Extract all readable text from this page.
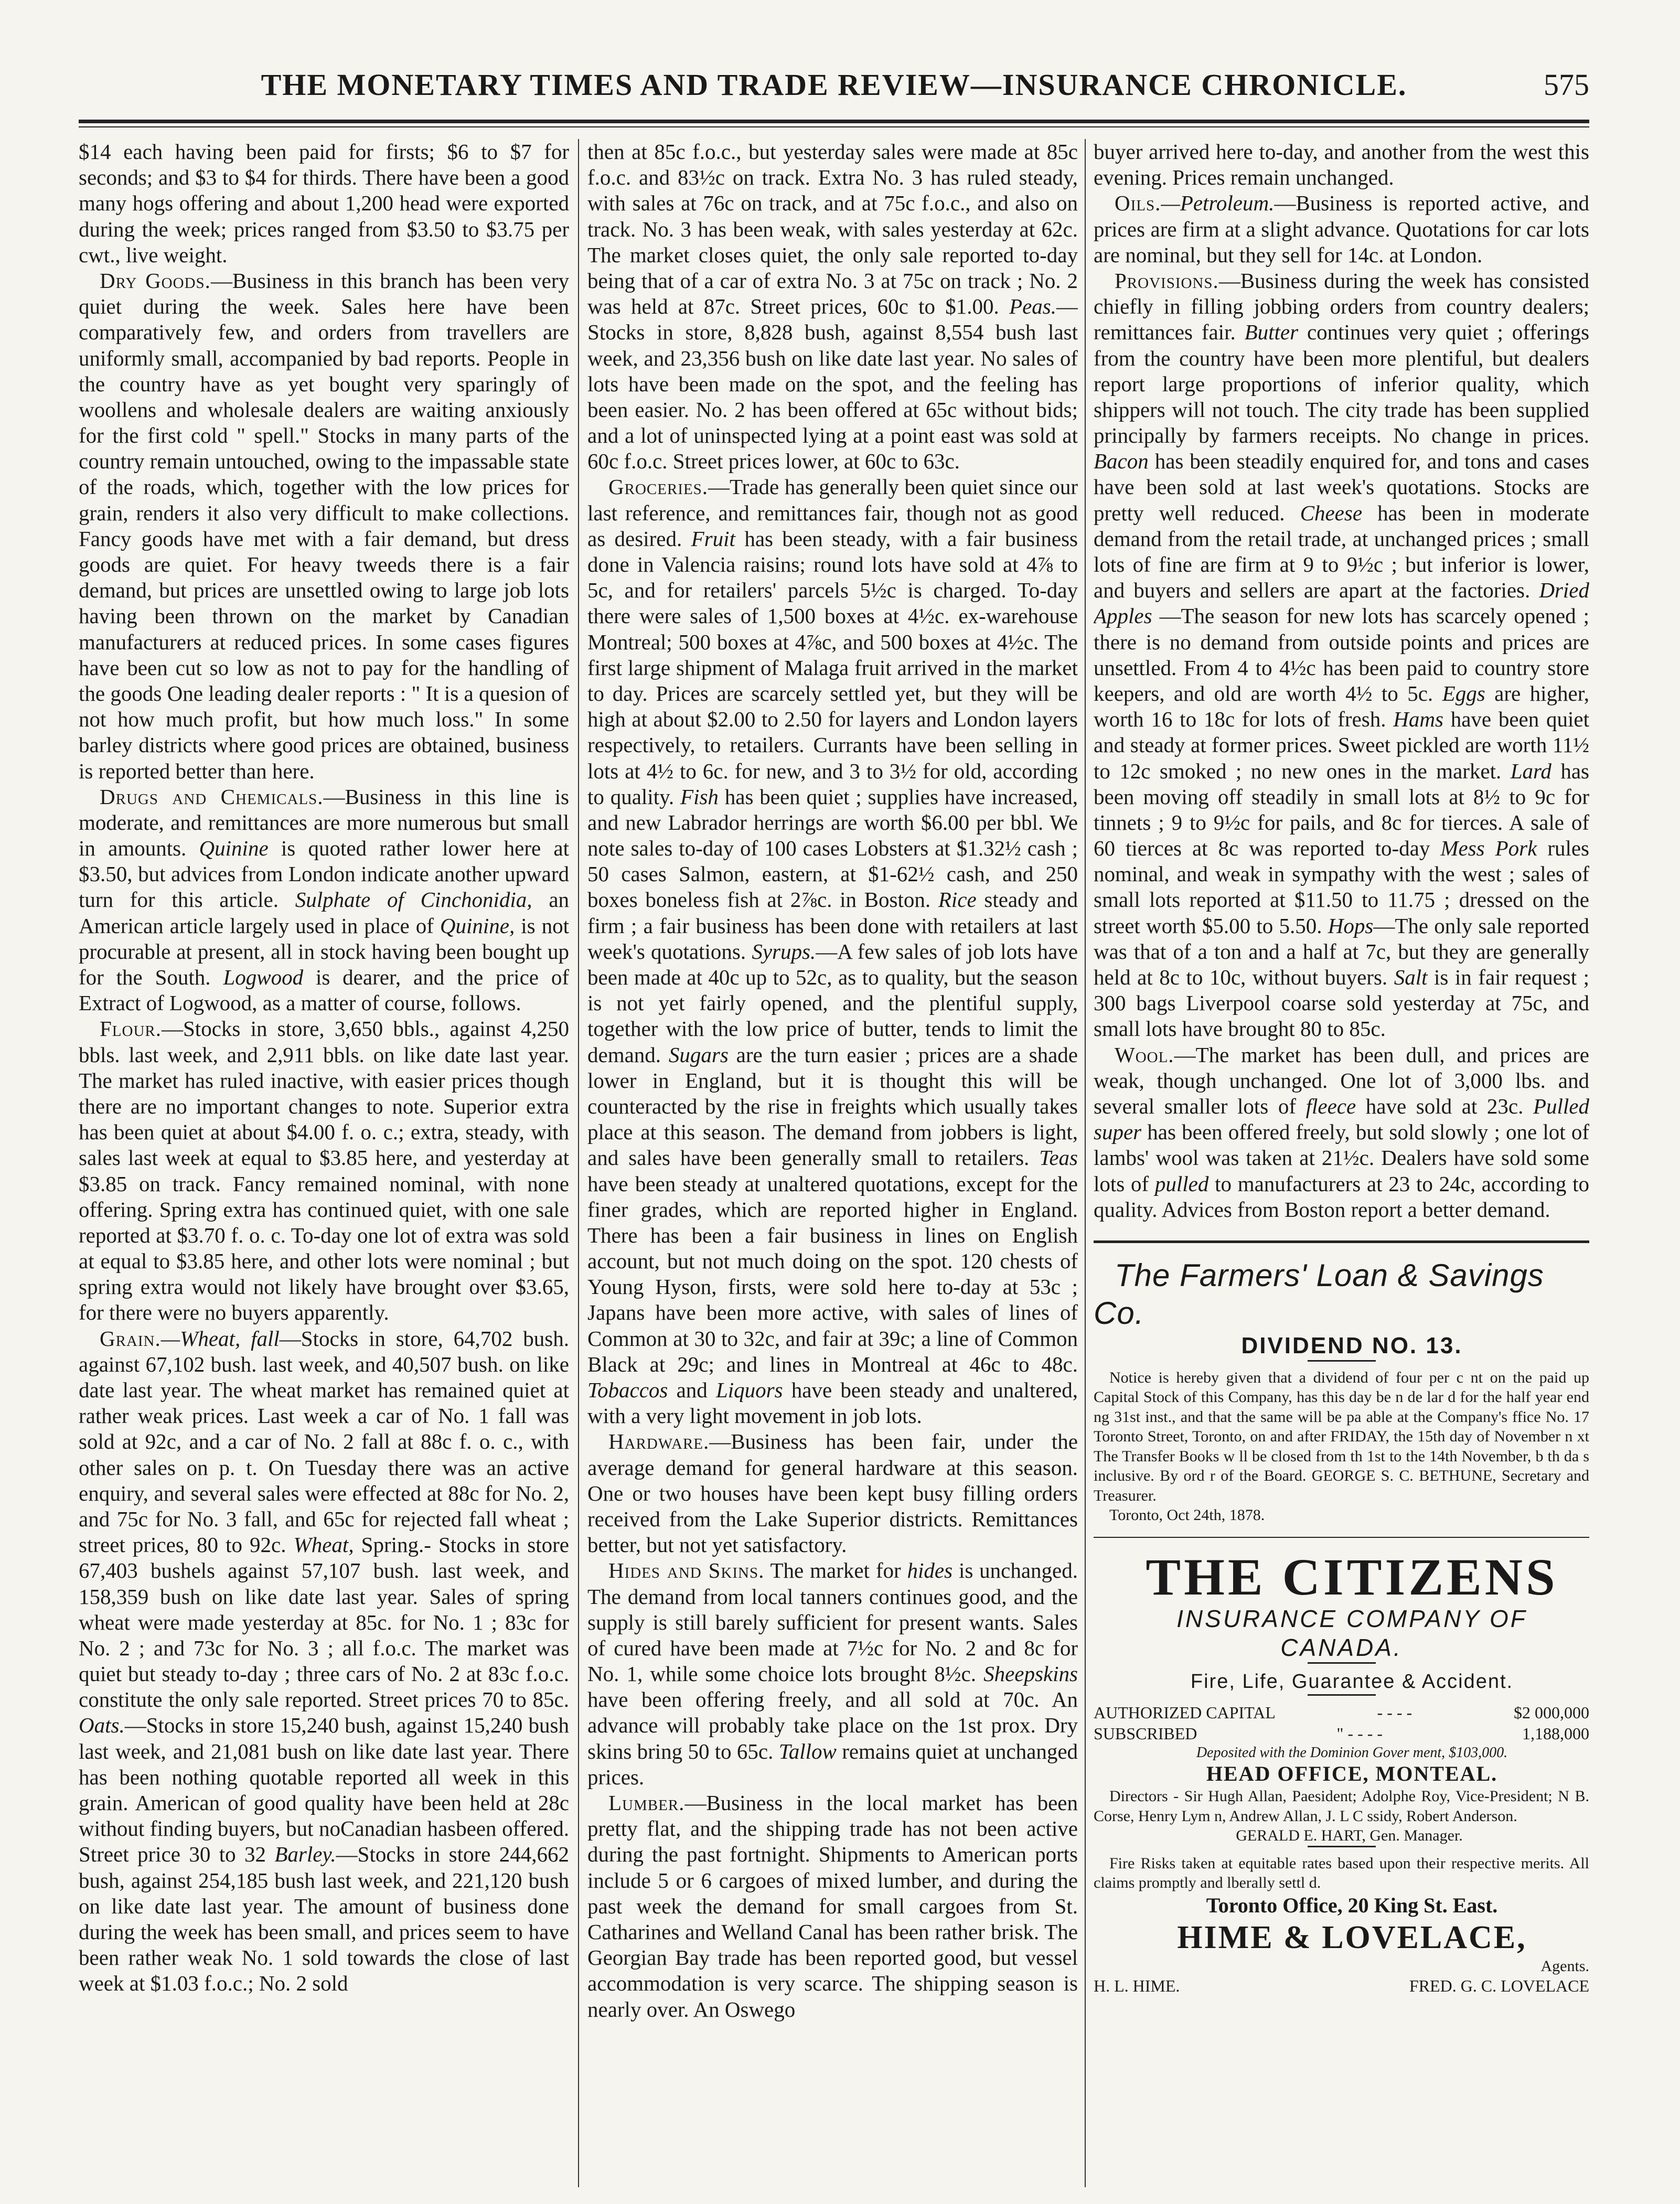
THE MONETARY TIMES AND TRADE REVIEW—INSURANCE CHRONICLE.	575

$14 each having been paid for firsts; $6 to $7 for seconds; and $3 to $4 for thirds. There have been a good many hogs offering and about 1,200 head were exported during the week; prices ranged from $3.50 to $3.75 per cwt., live weight.

Dry Goods.—Business in this branch has been very quiet during the week. Sales here have been comparatively few, and orders from travellers are uniformly small, accompanied by bad reports. People in the country have as yet bought very sparingly of woollens and wholesale dealers are waiting anxiously for the first cold " spell." Stocks in many parts of the country remain untouched, owing to the impassable state of the roads, which, together with the low prices for grain, renders it also very difficult to make collections. Fancy goods have met with a fair demand, but dress goods are quiet. For heavy tweeds there is a fair demand, but prices are unsettled owing to large job lots having been thrown on the market by Canadian manufacturers at reduced prices. In some cases figures have been cut so low as not to pay for the handling of the goods One leading dealer reports : " It is a quesion of not how much profit, but how much loss." In some barley districts where good prices are obtained, business is reported better than here.

Drugs and Chemicals.—Business in this line is moderate, and remittances are more numerous but small in amounts. Quinine is quoted rather lower here at $3.50, but advices from London indicate another upward turn for this article. Sulphate of Cinchonidia, an American article largely used in place of Quinine, is not procurable at present, all in stock having been bought up for the South. Logwood is dearer, and the price of Extract of Logwood, as a matter of course, follows.

Flour.—Stocks in store, 3,650 bbls., against 4,250 bbls. last week, and 2,911 bbls. on like date last year. The market has ruled inactive, with easier prices though there are no important changes to note. Superior extra has been quiet at about $4.00 f. o. c.; extra, steady, with sales last week at equal to $3.85 here, and yesterday at $3.85 on track. Fancy remained nominal, with none offering. Spring extra has continued quiet, with one sale reported at $3.70 f. o. c. To-day one lot of extra was sold at equal to $3.85 here, and other lots were nominal ; but spring extra would not likely have brought over $3.65, for there were no buyers apparently.

Grain.—Wheat, fall—Stocks in store, 64,702 bush. against 67,102 bush. last week, and 40,507 bush. on like date last year. The wheat market has remained quiet at rather weak prices. Last week a car of No. 1 fall was sold at 92c, and a car of No. 2 fall at 88c f. o. c., with other sales on p. t. On Tuesday there was an active enquiry, and several sales were effected at 88c for No. 2, and 75c for No. 3 fall, and 65c for rejected fall wheat ; street prices, 80 to 92c. Wheat, Spring.- Stocks in store 67,403 bushels against 57,107 bush. last week, and 158,359 bush on like date last year. Sales of spring wheat were made yesterday at 85c. for No. 1 ; 83c for No. 2 ; and 73c for No. 3 ; all f.o.c. The market was quiet but steady to-day ; three cars of No. 2 at 83c f.o.c. constitute the only sale reported. Street prices 70 to 85c. Oats.—Stocks in store 15,240 bush, against 15,240 bush last week, and 21,081 bush on like date last year. There has been nothing quotable reported all week in this grain. American of good quality have been held at 28c without finding buyers, but noCanadian hasbeen offered. Street price 30 to 32 Barley.—Stocks in store 244,662 bush, against 254,185 bush last week, and 221,120 bush on like date last year. The amount of business done during the week has been small, and prices seem to have been rather weak No. 1 sold towards the close of last week at $1.03 f.o.c.; No. 2 sold

then at 85c f.o.c., but yesterday sales were made at 85c f.o.c. and 83½c on track. Extra No. 3 has ruled steady, with sales at 76c on track, and at 75c f.o.c., and also on track. No. 3 has been weak, with sales yesterday at 62c. The market closes quiet, the only sale reported to-day being that of a car of extra No. 3 at 75c on track ; No. 2 was held at 87c. Street prices, 60c to $1.00. Peas.—Stocks in store, 8,828 bush, against 8,554 bush last week, and 23,356 bush on like date last year. No sales of lots have been made on the spot, and the feeling has been easier. No. 2 has been offered at 65c without bids; and a lot of uninspected lying at a point east was sold at 60c f.o.c. Street prices lower, at 60c to 63c.

Groceries.—Trade has generally been quiet since our last reference, and remittances fair, though not as good as desired. Fruit has been steady, with a fair business done in Valencia raisins; round lots have sold at 4⅞ to 5c, and for retailers' parcels 5½c is charged. To-day there were sales of 1,500 boxes at 4½c. ex-warehouse Montreal; 500 boxes at 4⅞c, and 500 boxes at 4½c. The first large shipment of Malaga fruit arrived in the market to day. Prices are scarcely settled yet, but they will be high at about $2.00 to 2.50 for layers and London layers respectively, to retailers. Currants have been selling in lots at 4½ to 6c. for new, and 3 to 3½ for old, according to quality. Fish has been quiet ; supplies have increased, and new Labrador herrings are worth $6.00 per bbl. We note sales to-day of 100 cases Lobsters at $1.32½ cash ; 50 cases Salmon, eastern, at $1-62½ cash, and 250 boxes boneless fish at 2⅞c. in Boston. Rice steady and firm ; a fair business has been done with retailers at last week's quotations. Syrups.—A few sales of job lots have been made at 40c up to 52c, as to quality, but the season is not yet fairly opened, and the plentiful supply, together with the low price of butter, tends to limit the demand. Sugars are the turn easier ; prices are a shade lower in England, but it is thought this will be counteracted by the rise in freights which usually takes place at this season. The demand from jobbers is light, and sales have been generally small to retailers. Teas have been steady at unaltered quotations, except for the finer grades, which are reported higher in England. There has been a fair business in lines on English account, but not much doing on the spot. 120 chests of Young Hyson, firsts, were sold here to-day at 53c ; Japans have been more active, with sales of lines of Common at 30 to 32c, and fair at 39c; a line of Common Black at 29c; and lines in Montreal at 46c to 48c. Tobaccos and Liquors have been steady and unaltered, with a very light movement in job lots.

Hardware.—Business has been fair, under the average demand for general hardware at this season. One or two houses have been kept busy filling orders received from the Lake Superior districts. Remittances better, but not yet satisfactory.

Hides and Skins. The market for hides is unchanged. The demand from local tanners continues good, and the supply is still barely sufficient for present wants. Sales of cured have been made at 7½c for No. 2 and 8c for No. 1, while some choice lots brought 8½c. Sheepskins have been offering freely, and all sold at 70c. An advance will probably take place on the 1st prox. Dry skins bring 50 to 65c. Tallow remains quiet at unchanged prices.

Lumber.—Business in the local market has been pretty flat, and the shipping trade has not been active during the past fortnight. Shipments to American ports include 5 or 6 cargoes of mixed lumber, and during the past week the demand for small cargoes from St. Catharines and Welland Canal has been rather brisk. The Georgian Bay trade has been reported good, but vessel accommodation is very scarce. The shipping season is nearly over. An Oswego

buyer arrived here to-day, and another from the west this evening. Prices remain unchanged.

Oils.—Petroleum.—Business is reported active, and prices are firm at a slight advance. Quotations for car lots are nominal, but they sell for 14c. at London.

Provisions.—Business during the week has consisted chiefly in filling jobbing orders from country dealers; remittances fair. Butter continues very quiet ; offerings from the country have been more plentiful, but dealers report large proportions of inferior quality, which shippers will not touch. The city trade has been supplied principally by farmers receipts. No change in prices. Bacon has been steadily enquired for, and tons and cases have been sold at last week's quotations. Stocks are pretty well reduced. Cheese has been in moderate demand from the retail trade, at unchanged prices ; small lots of fine are firm at 9 to 9½c ; but inferior is lower, and buyers and sellers are apart at the factories. Dried Apples —The season for new lots has scarcely opened ; there is no demand from outside points and prices are unsettled. From 4 to 4½c has been paid to country store keepers, and old are worth 4½ to 5c. Eggs are higher, worth 16 to 18c for lots of fresh. Hams have been quiet and steady at former prices. Sweet pickled are worth 11½ to 12c smoked ; no new ones in the market. Lard has been moving off steadily in small lots at 8½ to 9c for tinnets ; 9 to 9½c for pails, and 8c for tierces. A sale of 60 tierces at 8c was reported to-day Mess Pork rules nominal, and weak in sympathy with the west ; sales of small lots reported at $11.50 to 11.75 ; dressed on the street worth $5.00 to 5.50. Hops—The only sale reported was that of a ton and a half at 7c, but they are generally held at 8c to 10c, without buyers. Salt is in fair request ; 300 bags Liverpool coarse sold yesterday at 75c, and small lots have brought 80 to 85c.

Wool.—The market has been dull, and prices are weak, though unchanged. One lot of 3,000 lbs. and several smaller lots of fleece have sold at 23c. Pulled super has been offered freely, but sold slowly ; one lot of lambs' wool was taken at 21½c. Dealers have sold some lots of pulled to manufacturers at 23 to 24c, according to quality. Advices from Boston report a better demand.

The Farmers' Loan & Savings Co.

DIVIDEND NO. 13.

Notice is hereby given that a dividend of four per c nt on the paid up Capital Stock of this Company, has this day be n de lar d for the half year end ng 31st inst., and that the same will be pa able at the Company's ffice No. 17 Toronto Street, Toronto, on and after FRIDAY, the 15th day of November n xt The Transfer Books w ll be closed from th 1st to the 14th November, b th da s inclusive. By ord r of the Board. GEORGE S. C. BETHUNE, Secretary and Treasurer.

Toronto, Oct 24th, 1878.

THE CITIZENS

INSURANCE COMPANY OF CANADA.

Fire, Life, Guarantee & Accident.

AUTHORIZED CAPITAL	- - - -	$2 000,000
SUBSCRIBED	" - - - -	1,188,000

Deposited with the Dominion Gover ment, $103,000.

HEAD OFFICE, MONTEAL.

Directors - Sir Hugh Allan, Paesident; Adolphe Roy, Vice-President; N B. Corse, Henry Lym n, Andrew Allan, J. L C ssidy, Robert Anderson.

GERALD E. HART, Gen. Manager.

Fire Risks taken at equitable rates based upon their respective merits. All claims promptly and lberally settl d.

Toronto Office, 20 King St. East.

HIME & LOVELACE,

Agents.

H. L. HIME.	FRED. G. C. LOVELACE
